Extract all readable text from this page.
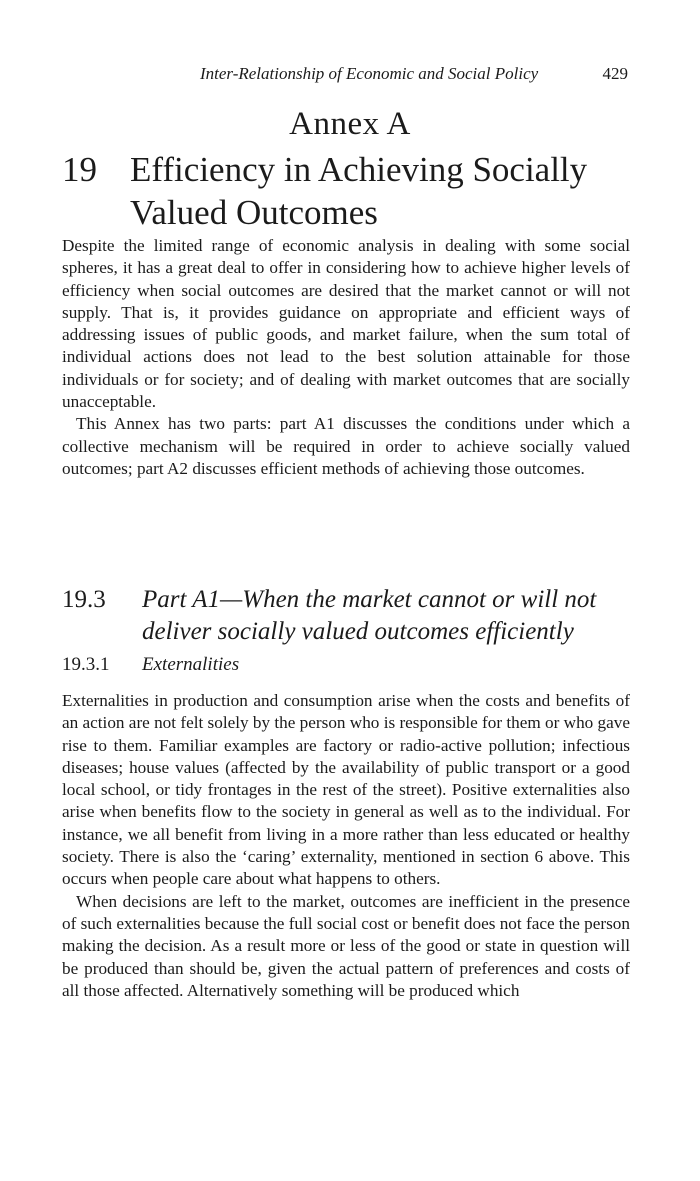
Inter-Relationship of Economic and Social Policy	429
Annex A
19 Efficiency in Achieving Socially Valued Outcomes

Despite the limited range of economic analysis in dealing with some social spheres, it has a great deal to offer in considering how to achieve higher levels of efficiency when social outcomes are desired that the market cannot or will not supply. That is, it provides guidance on appropriate and efficient ways of addressing issues of public goods, and market failure, when the sum total of individual actions does not lead to the best solution attainable for those individuals or for society; and of dealing with market outcomes that are socially unacceptable.

This Annex has two parts: part A1 discusses the conditions under which a collective mechanism will be required in order to achieve socially valued outcomes; part A2 discusses efficient methods of achieving those outcomes.

19.3 Part A1—When the market cannot or will not deliver socially valued outcomes efficiently
19.3.1 Externalities

Externalities in production and consumption arise when the costs and benefits of an action are not felt solely by the person who is responsible for them or who gave rise to them. Familiar examples are factory or radio-active pollution; infectious diseases; house values (affected by the availability of public transport or a good local school, or tidy frontages in the rest of the street). Positive externalities also arise when benefits flow to the society in general as well as to the individual. For instance, we all benefit from living in a more rather than less educated or healthy society. There is also the ‘caring’ externality, mentioned in section 6 above. This occurs when people care about what happens to others.

When decisions are left to the market, outcomes are inefficient in the presence of such externalities because the full social cost or benefit does not face the person making the decision. As a result more or less of the good or state in question will be produced than should be, given the actual pattern of preferences and costs of all those affected. Alternatively something will be produced which
